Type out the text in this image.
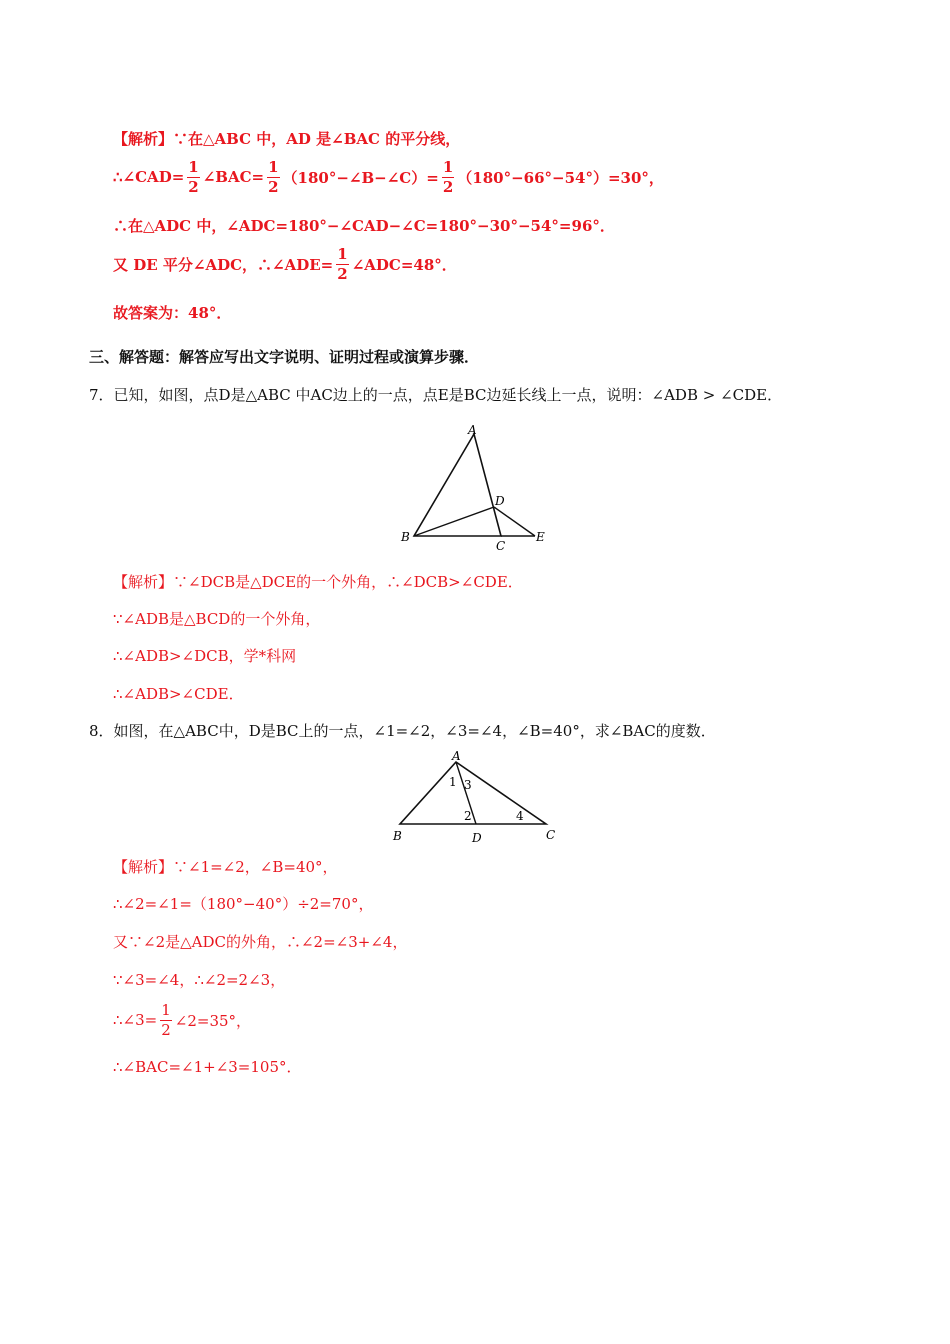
【解析】∵在△ABC 中，AD 是∠BAC 的平分线，
∴∠CAD= $\frac{1}{2}$ ∠BAC= $\frac{1}{2}$ （180°−∠B−∠C）= $\frac{1}{2} (180^\circ-66^\circ-54^\circ)=30^\circ$，
∴在△ADC 中，∠ADC=180°−∠CAD−∠C=180°−30°−54°=96°．
又 DE 平分∠ADC，∴∠ADE= $\frac{1}{2}$ ∠ADC=48°．
故答案为：48°．
三、解答题：解答应写出文字说明、证明过程或演算步骤．
7．已知，如图，点D是△ABC 中AC边上的一点，点E是BC边延长线上一点，说明：∠ADB > ∠CDE．
A
B
C
D
E
【解析】∵∠DCB是△DCE的一个外角，∴∠DCB>∠CDE．
∵∠ADB是△BCD的一个外角，
∴∠ADB>∠DCB，学*科网
∴∠ADB>∠CDE．
8．如图，在△ABC中，D是BC上的一点，∠1=∠2，∠3=∠4，∠B=40°，求∠BAC的度数．
A
B	D	C
1 3
2	4
【解析】∵∠1=∠2，∠B=40°，
∴∠2=∠1=（180°−40°）÷2=70°，
又∵∠2是△ADC的外角，∴∠2=∠3+∠4，
∵∠3=∠4，∴∠2=2∠3，
∴∠3= $\frac{1}{2}$ ∠2=35°，
∴∠BAC=∠1+∠3=105°．
